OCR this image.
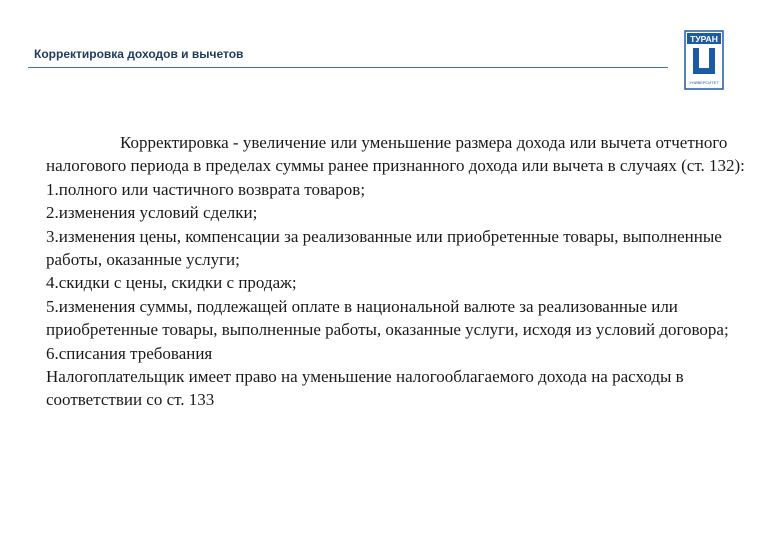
Корректировка доходов и вычетов
ТУРАН
УНИВЕРСИТЕТ

Корректировка - увеличение или уменьшение размера дохода или вычета отчетного налогового периода в пределах суммы ранее признанного дохода или вычета в случаях (ст. 132):

1.полного или частичного возврата товаров;

2.изменения условий сделки;

3.изменения цены, компенсации за реализованные или приобретенные товары, выполненные работы, оказанные услуги;

4.скидки с цены, скидки с продаж;

5.изменения суммы, подлежащей оплате в национальной валюте за реализованные или приобретенные товары, выполненные работы, оказанные услуги, исходя из условий договора;

6.списания требования

Налогоплательщик имеет право на уменьшение налогооблагаемого дохода на расходы в соответствии со ст. 133
